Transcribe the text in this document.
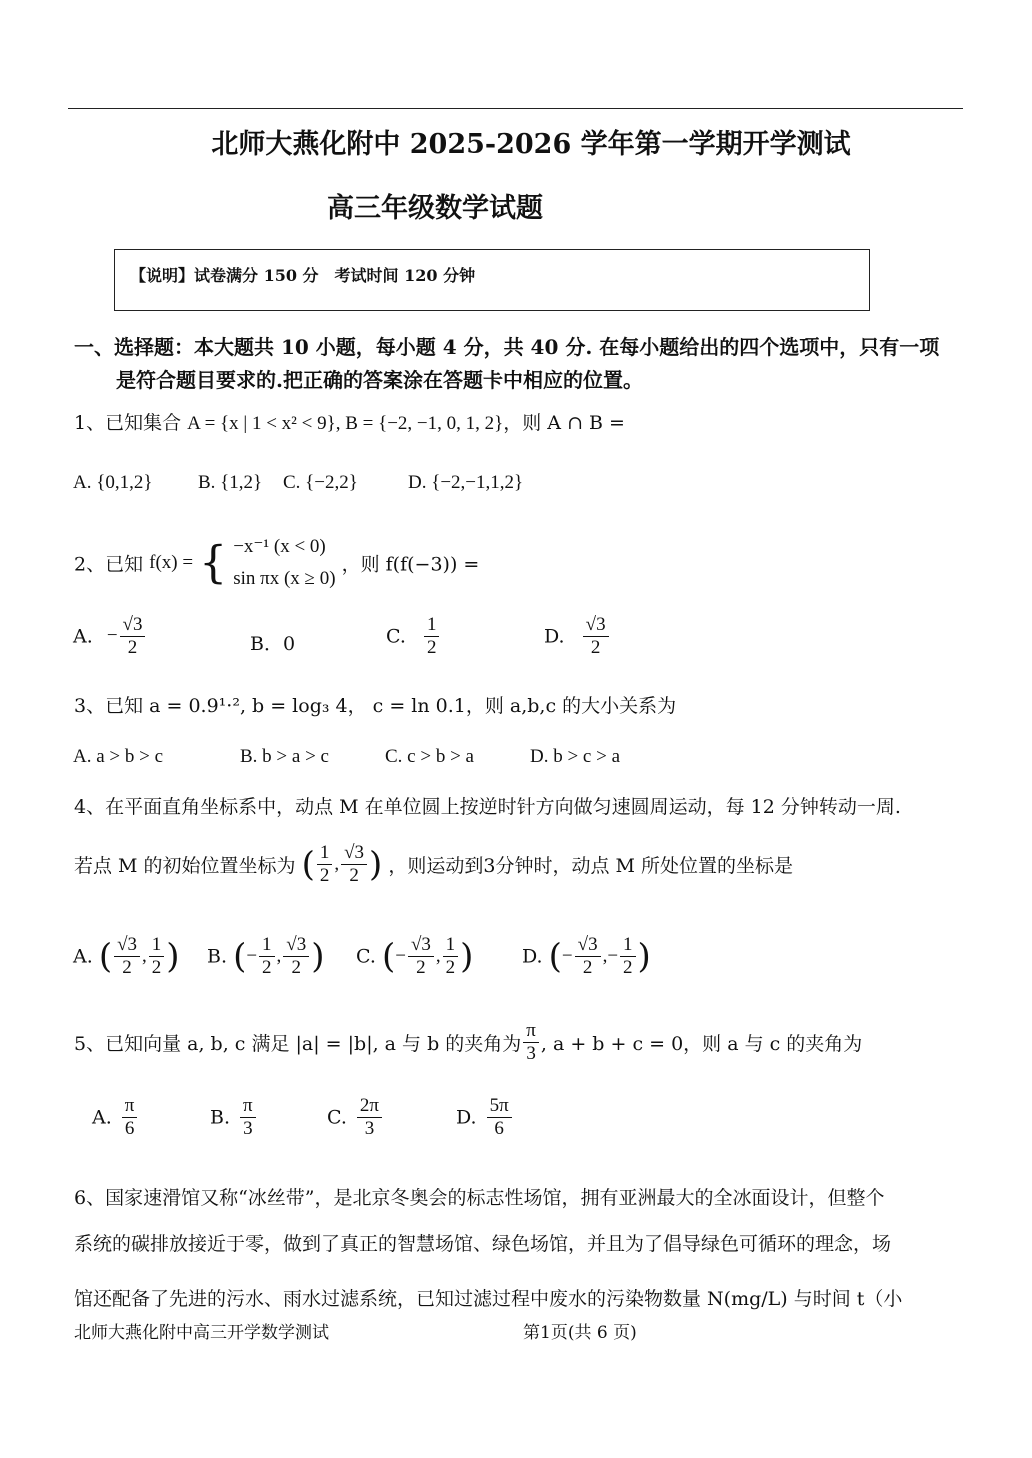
北师大燕化附中 2025-2026 学年第一学期开学测试
高三年级数学试题
【说明】试卷满分 150 分　考试时间 120 分钟
一、选择题：本大题共 10 小题，每小题 4 分，共 40 分. 在每小题给出的四个选项中，只有一项
是符合题目要求的.把正确的答案涂在答题卡中相应的位置。
1、已知集合 A = {x | 1 < x² < 9}, B = {−2, −1, 0, 1, 2}，则 A ∩ B =
A. {0,1,2} B. {1,2} C. {−2,2}	D. {−2,−1,1,2}
2、已知 f(x) = { −x⁻¹ (x < 0)
sin πx (x ≥ 0)
，则 f(f(−3)) =
A. − $\frac{√3}{2}$	B．0	C. $\frac{1}{2}$	D. $\frac{√3}{2}$
3、已知 a = 0.9¹·², b = log₃ 4， c = ln 0.1，则 a,b,c 的大小关系为
A. a > b > c	B. b > a > c	C. c > b > a	D. b > c > a
4、在平面直角坐标系中，动点 M 在单位圆上按逆时针方向做匀速圆周运动，每 12 分钟转动一周.
若点 M 的初始位置坐标为 ( $\frac{1}{2}$ , $\frac{√3}{2}$ ) ，则运动到3分钟时，动点 M 所处位置的坐标是
A. ( $\frac{√3}{2}$ , $\frac{1}{2}$ ) B. (− $\frac{1}{2}$ , $\frac{√3}{2}$ ) C. (− $\frac{√3}{2}$ , $\frac{1}{2}$ )	D. (− $\frac{√3}{2}$ ,− $\frac{1}{2}$ )
5、已知向量 a, b, c 满足 |a| = |b|, a 与 b 的夹角为 $\frac{\pi}{3}$ , a + b + c = 0，则 a 与 c 的夹角为
A. $\frac{\pi}{6}$	B. $\frac{\pi}{3}$	C. $\frac{2\pi}{3}$	D. $\frac{5\pi}{6}$
6、国家速滑馆又称“冰丝带”，是北京冬奥会的标志性场馆，拥有亚洲最大的全冰面设计，但整个
系统的碳排放接近于零，做到了真正的智慧场馆、绿色场馆，并且为了倡导绿色可循环的理念，场
馆还配备了先进的污水、雨水过滤系统，已知过滤过程中废水的污染物数量 N(mg/L) 与时间 t（小
北师大燕化附中高三开学数学测试	第1页(共 6 页)
